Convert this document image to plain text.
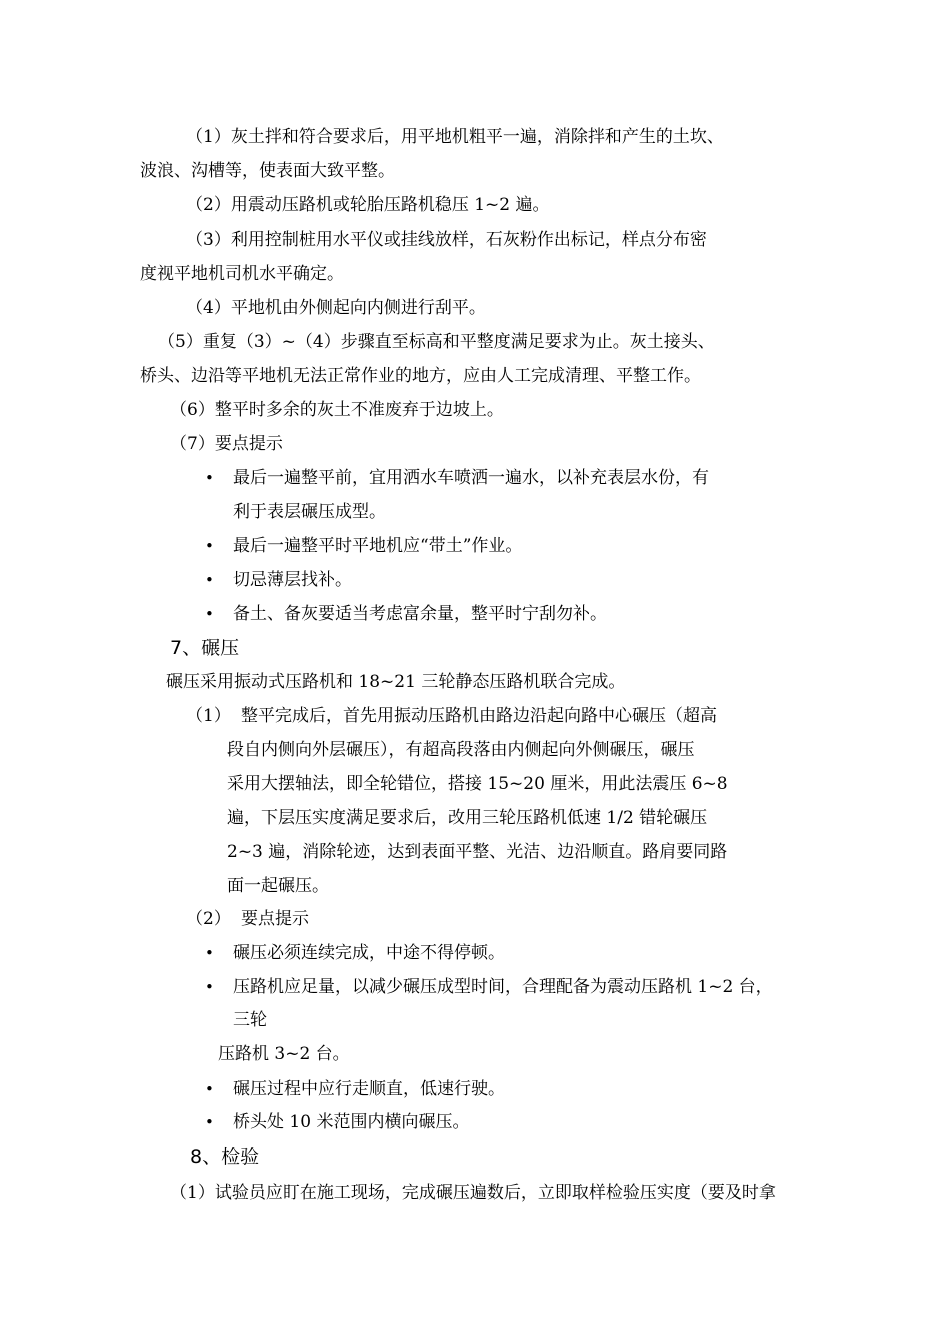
（1）灰土拌和符合要求后，用平地机粗平一遍，消除拌和产生的土坎、
波浪、沟槽等，使表面大致平整。
（2）用震动压路机或轮胎压路机稳压 1~2 遍。
（3）利用控制桩用水平仪或挂线放样，石灰粉作出标记，样点分布密
度视平地机司机水平确定。
（4）平地机由外侧起向内侧进行刮平。
（5）重复（3）~（4）步骤直至标高和平整度满足要求为止。灰土接头、
桥头、边沿等平地机无法正常作业的地方，应由人工完成清理、平整工作。
（6）整平时多余的灰土不准废弃于边坡上。
（7）要点提示
• 最后一遍整平前，宜用洒水车喷洒一遍水，以补充表层水份，有
利于表层碾压成型。
• 最后一遍整平时平地机应“带土”作业。
• 切忌薄层找补。
• 备土、备灰要适当考虑富余量，整平时宁刮勿补。
7、碾压
碾压采用振动式压路机和 18~21 三轮静态压路机联合完成。
（1） 整平完成后，首先用振动压路机由路边沿起向路中心碾压（超高
段自内侧向外层碾压），有超高段落由内侧起向外侧碾压，碾压
采用大摆轴法，即全轮错位，搭接 15~20 厘米，用此法震压 6~8
遍，下层压实度满足要求后，改用三轮压路机低速 1/2 错轮碾压
2~3 遍，消除轮迹，达到表面平整、光洁、边沿顺直。路肩要同路
面一起碾压。
（2） 要点提示
• 碾压必须连续完成，中途不得停顿。
• 压路机应足量，以减少碾压成型时间，合理配备为震动压路机 1~2 台，
三轮
压路机 3~2 台。
• 碾压过程中应行走顺直，低速行驶。
• 桥头处 10 米范围内横向碾压。
8、检验
（1）试验员应盯在施工现场，完成碾压遍数后，立即取样检验压实度（要及时拿
